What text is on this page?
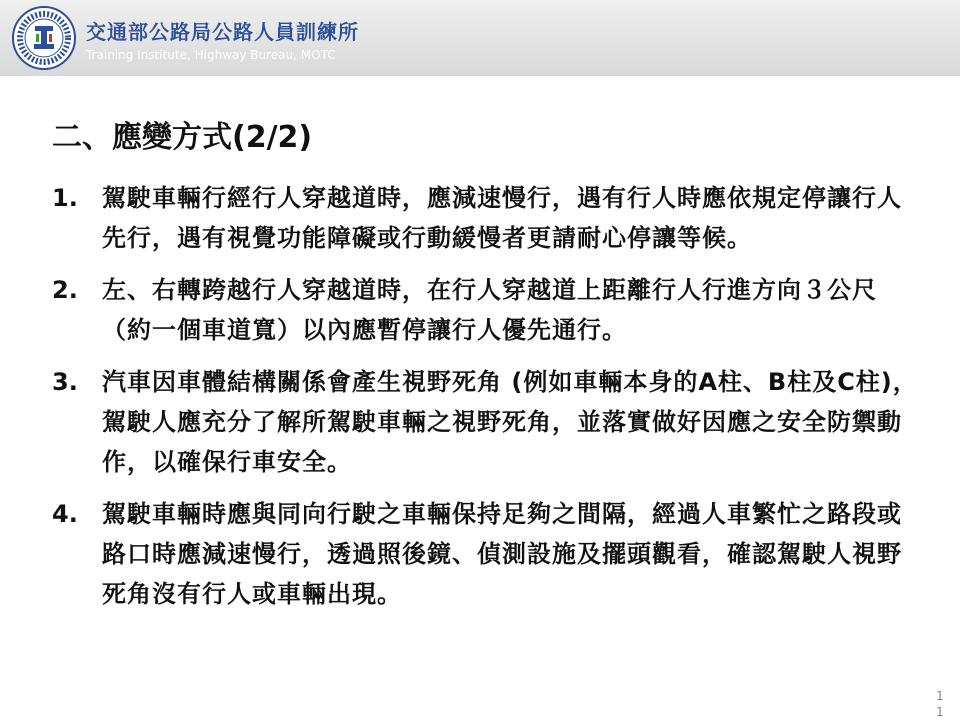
交通部公路局公路人員訓練所
Training Institute, Highway Bureau, MOTC
二、應變方式(2/2)
1.	駕駛車輛行經行人穿越道時，應減速慢行，遇有行人時應依規定停讓行人先行，遇有視覺功能障礙或行動緩慢者更請耐心停讓等候。
2.	左、右轉跨越行人穿越道時，在行人穿越道上距離行人行進方向３公尺（約一個車道寬）以內應暫停讓行人優先通行。
3.	汽車因車體結構關係會產生視野死角 (例如車輛本身的A柱、B柱及C柱)，駕駛人應充分了解所駕駛車輛之視野死角，並落實做好因應之安全防禦動作，以確保行車安全。
4.	駕駛車輛時應與同向行駛之車輛保持足夠之間隔，經過人車繁忙之路段或路口時應減速慢行，透過照後鏡、偵測設施及擺頭觀看，確認駕駛人視野死角沒有行人或車輛出現。
11
